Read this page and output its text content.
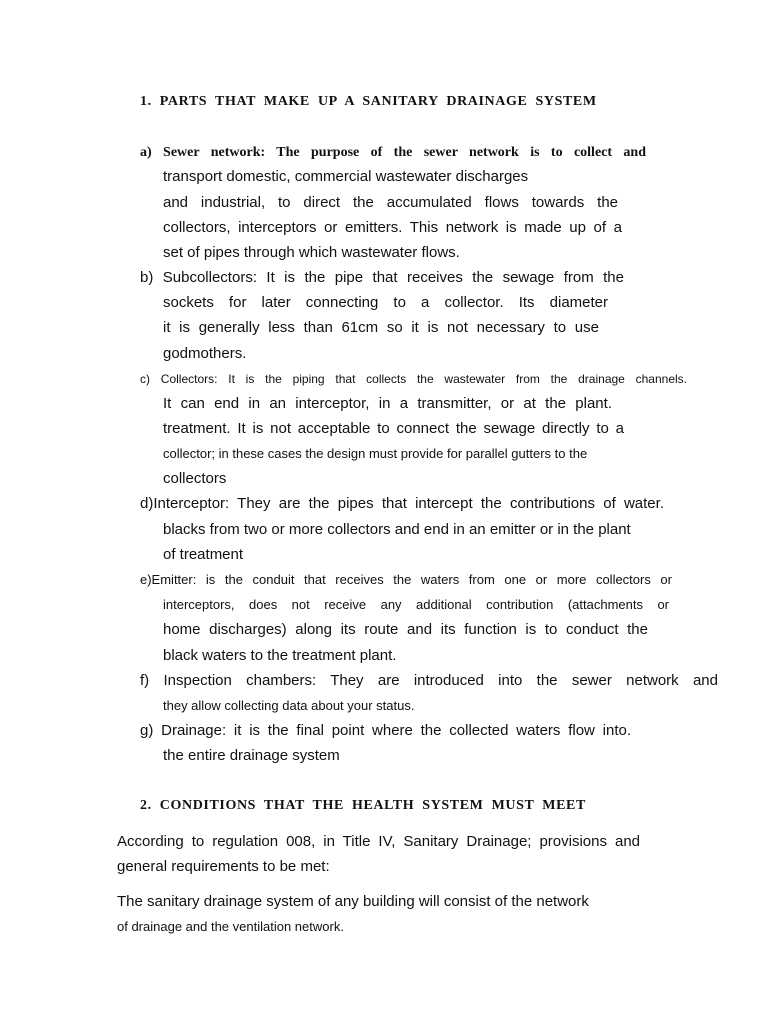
1. PARTS THAT MAKE UP A SANITARY DRAINAGE SYSTEM
a) Sewer network: The purpose of the sewer network is to collect and
transport domestic, commercial wastewater discharges
and industrial, to direct the accumulated flows towards the
collectors, interceptors or emitters. This network is made up of a
set of pipes through which wastewater flows.
b) Subcollectors: It is the pipe that receives the sewage from the
sockets for later connecting to a collector. Its diameter
it is generally less than 61cm so it is not necessary to use
godmothers.
c) Collectors: It is the piping that collects the wastewater from the drainage channels.
It can end in an interceptor, in a transmitter, or at the plant.
treatment. It is not acceptable to connect the sewage directly to a
collector; in these cases the design must provide for parallel gutters to the
collectors
d)Interceptor: They are the pipes that intercept the contributions of water.
blacks from two or more collectors and end in an emitter or in the plant
of treatment
e)Emitter: is the conduit that receives the waters from one or more collectors or
interceptors, does not receive any additional contribution (attachments or
home discharges) along its route and its function is to conduct the
black waters to the treatment plant.
f) Inspection chambers: They are introduced into the sewer network and
they allow collecting data about your status.
g) Drainage: it is the final point where the collected waters flow into.
the entire drainage system
2. CONDITIONS THAT THE HEALTH SYSTEM MUST MEET
According to regulation 008, in Title IV, Sanitary Drainage; provisions and
general requirements to be met:
The sanitary drainage system of any building will consist of the network
of drainage and the ventilation network.
